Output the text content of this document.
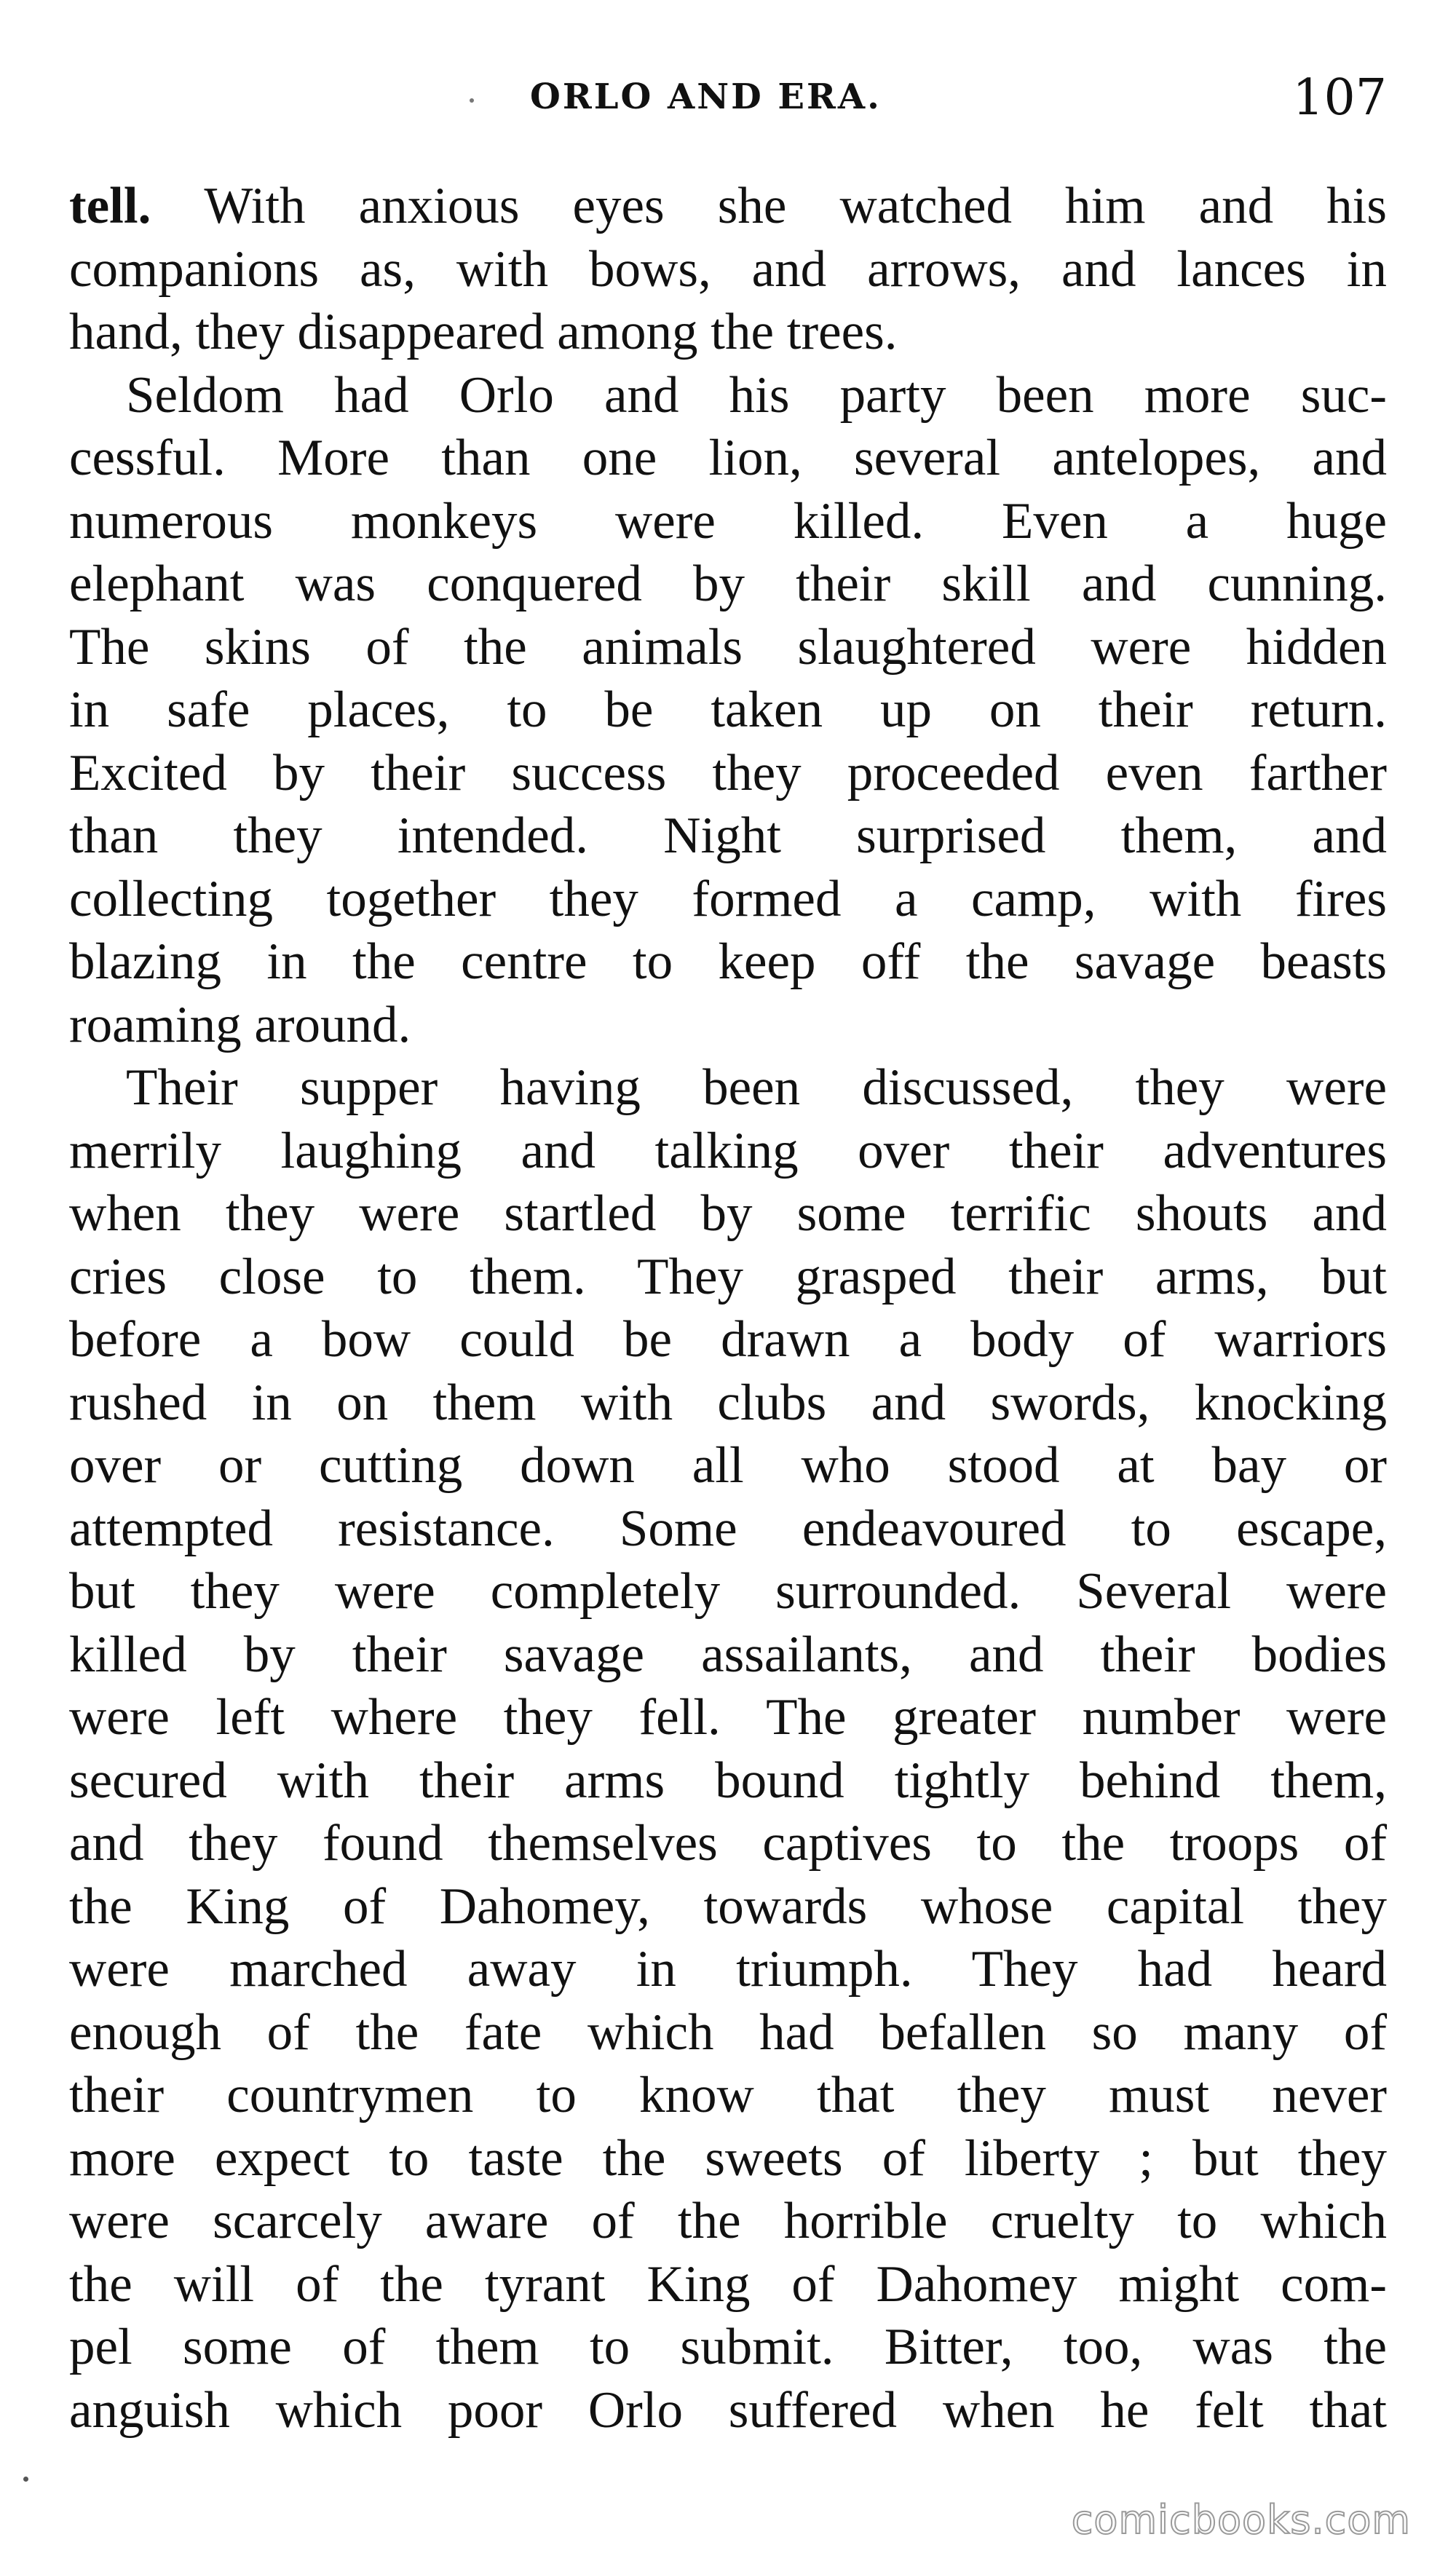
ORLO AND ERA.	107
tell. With anxious eyes she watched him and his
companions as, with bows, and arrows, and lances in
hand, they disappeared among the trees.
Seldom had Orlo and his party been more suc-
cessful. More than one lion, several antelopes, and
numerous monkeys were killed. Even a huge
elephant was conquered by their skill and cunning.
The skins of the animals slaughtered were hidden
in safe places, to be taken up on their return.
Excited by their success they proceeded even farther
than they intended. Night surprised them, and
collecting together they formed a camp, with fires
blazing in the centre to keep off the savage beasts
roaming around.
Their supper having been discussed, they were
merrily laughing and talking over their adventures
when they were startled by some terrific shouts and
cries close to them. They grasped their arms, but
before a bow could be drawn a body of warriors
rushed in on them with clubs and swords, knocking
over or cutting down all who stood at bay or
attempted resistance. Some endeavoured to escape,
but they were completely surrounded. Several were
killed by their savage assailants, and their bodies
were left where they fell. The greater number were
secured with their arms bound tightly behind them,
and they found themselves captives to the troops of
the King of Dahomey, towards whose capital they
were marched away in triumph. They had heard
enough of the fate which had befallen so many of
their countrymen to know that they must never
more expect to taste the sweets of liberty ; but they
were scarcely aware of the horrible cruelty to which
the will of the tyrant King of Dahomey might com-
pel some of them to submit. Bitter, too, was the
anguish which poor Orlo suffered when he felt that
comicbooks.com
